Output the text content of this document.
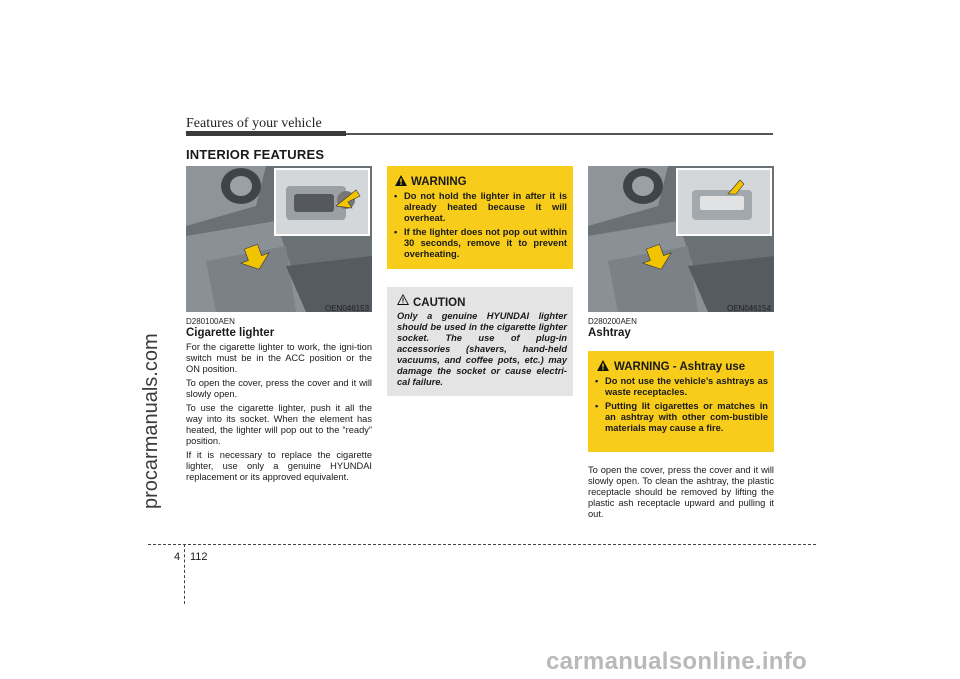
Features of your vehicle
INTERIOR FEATURES
procarmanuals.com
carmanualsonline.info
OEN046153
D280100AEN
Cigarette lighter

For the cigarette lighter to work, the igni-tion switch must be in the ACC position or the ON position.

To open the cover, press the cover and it will slowly open.

To use the cigarette lighter, push it all the way into its socket. When the element has heated, the lighter will pop out to the “ready” position.

If it is necessary to replace the cigarette lighter, use only a genuine HYUNDAI replacement or its approved equivalent.

WARNING
• Do not hold the lighter in after it is already heated because it will overheat.
• If the lighter does not pop out within 30 seconds, remove it to prevent overheating.
CAUTION
Only a genuine HYUNDAI lighter should be used in the cigarette lighter socket. The use of plug-in accessories (shavers, hand-held vacuums, and coffee pots, etc.) may damage the socket or cause electri-cal failure.
OEN046154
D280200AEN
Ashtray
WARNING - Ashtray use
• Do not use the vehicle’s ashtrays as waste receptacles.
• Putting lit cigarettes or matches in an ashtray with other com-bustible materials may cause a fire.

To open the cover, press the cover and it will slowly open. To clean the ashtray, the plastic receptacle should be removed by lifting the plastic ash receptacle upward and pulling it out.

4 112
